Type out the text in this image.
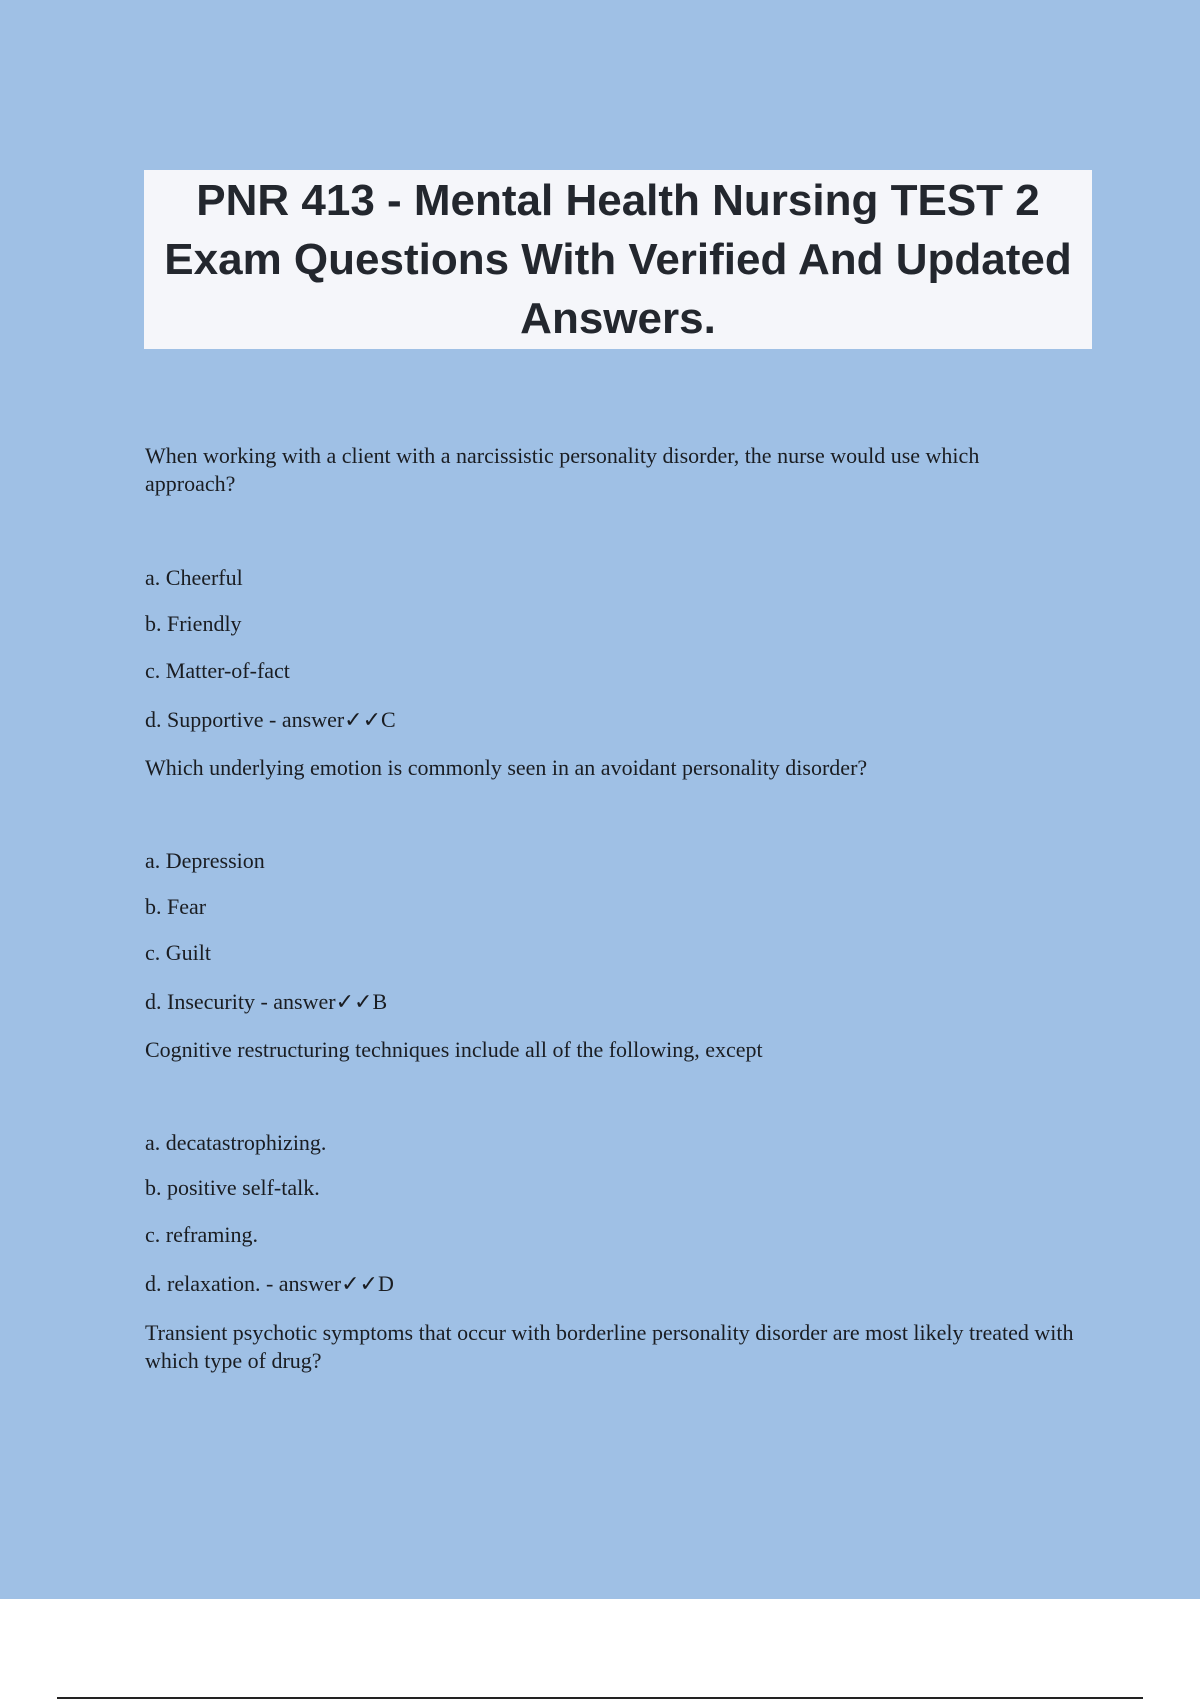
PNR 413 - Mental Health Nursing TEST 2 Exam Questions With Verified And Updated Answers.

When working with a client with a narcissistic personality disorder, the nurse would use which approach?

a. Cheerful

b. Friendly

c. Matter-of-fact

d. Supportive - answer✓✓C

Which underlying emotion is commonly seen in an avoidant personality disorder?

a. Depression

b. Fear

c. Guilt

d. Insecurity - answer✓✓B

Cognitive restructuring techniques include all of the following, except

a. decatastrophizing.

b. positive self-talk.

c. reframing.

d. relaxation. - answer✓✓D

Transient psychotic symptoms that occur with borderline personality disorder are most likely treated with which type of drug?
